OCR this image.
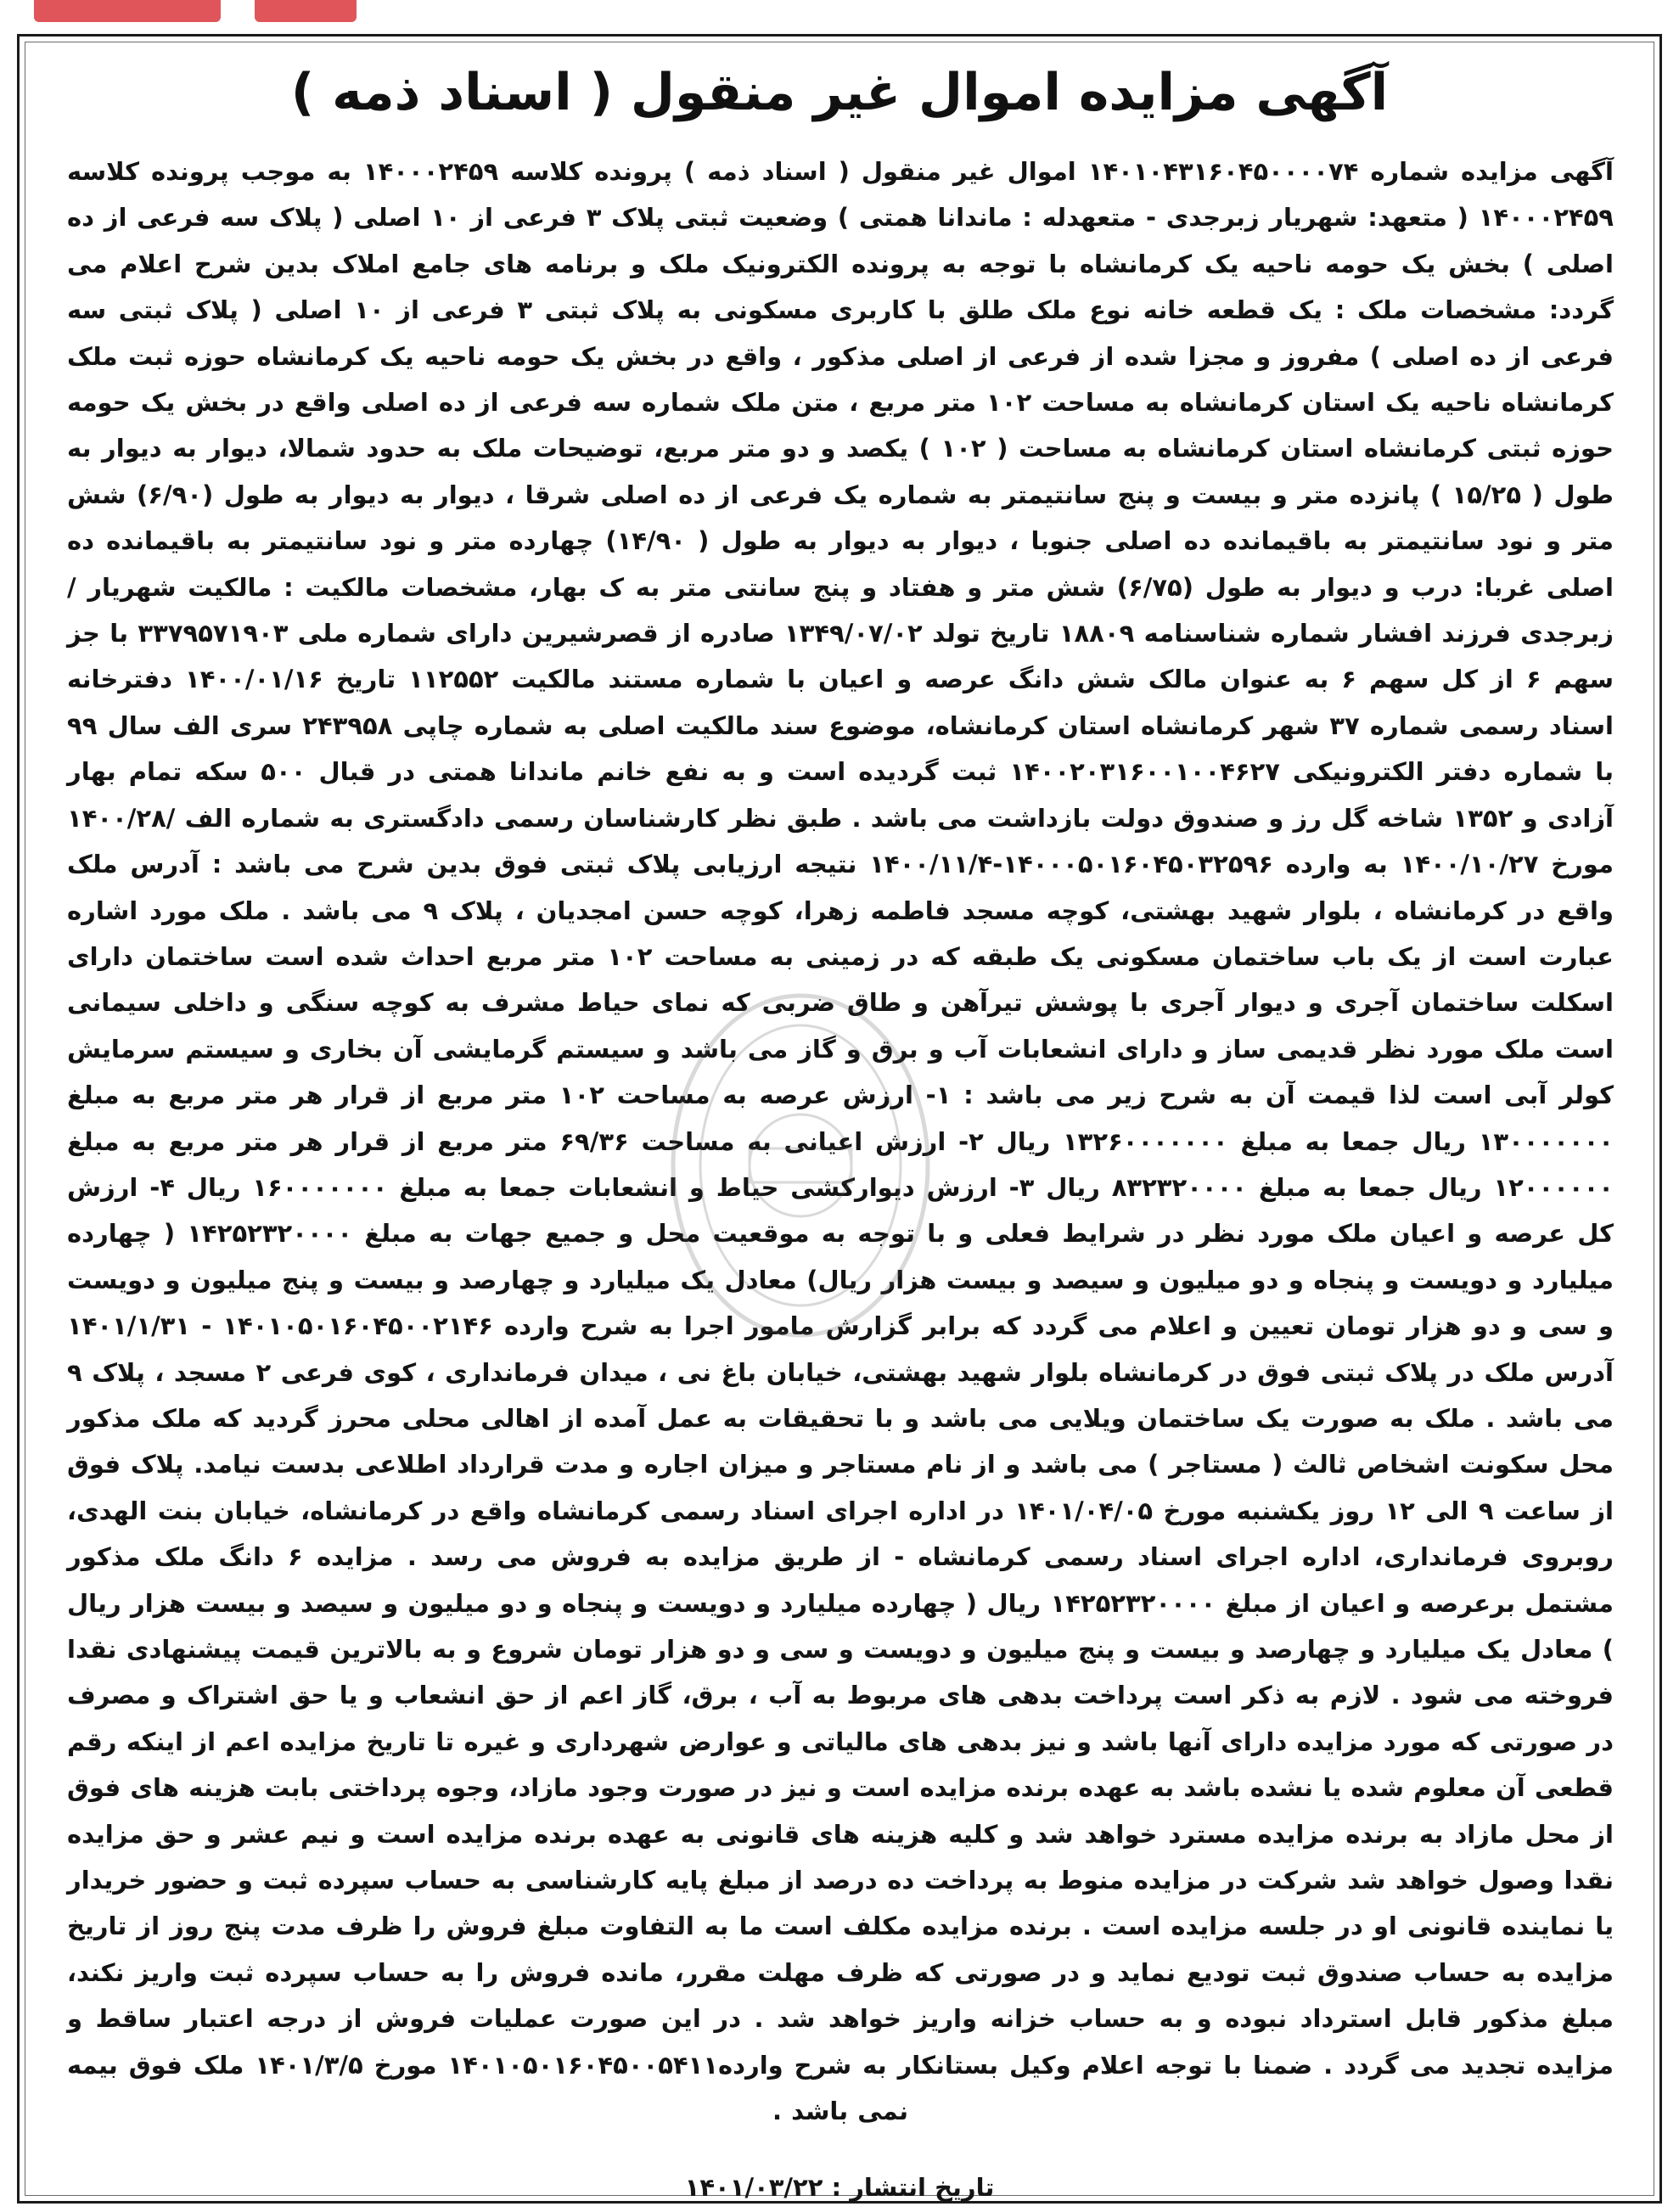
آگهی مزایده اموال غیر منقول ( اسناد ذمه )
آگهی مزایده شماره ۱۴۰۱۰۴۳۱۶۰۴۵۰۰۰۰۷۴ اموال غیر منقول ( اسناد ذمه ) پرونده کلاسه ۱۴۰۰۰۲۴۵۹ به موجب پرونده کلاسه ۱۴۰۰۰۲۴۵۹ ( متعهد: شهریار زبرجدی - متعهدله : ماندانا همتی ) وضعیت ثبتی پلاک ۳ فرعی از ۱۰ اصلی ( پلاک سه فرعی از ده اصلی ) بخش یک حومه ناحیه یک کرمانشاه با توجه به پرونده الکترونیک ملک و برنامه های جامع املاک بدین شرح اعلام می گردد: مشخصات ملک : یک قطعه خانه نوع ملک طلق با کاربری مسکونی به پلاک ثبتی ۳ فرعی از ۱۰ اصلی ( پلاک ثبتی سه فرعی از ده اصلی ) مفروز و مجزا شده از فرعی از اصلی مذکور ، واقع در بخش یک حومه ناحیه یک کرمانشاه حوزه ثبت ملک کرمانشاه ناحیه یک استان کرمانشاه به مساحت ۱۰۲ متر مربع ، متن ملک شماره سه فرعی از ده اصلی واقع در بخش یک حومه حوزه ثبتی کرمانشاه استان کرمانشاه به مساحت ( ۱۰۲ ) یکصد و دو متر مربع، توضیحات ملک به حدود شمالا، دیوار به دیوار به طول ( ۱۵/۲۵ ) پانزده متر و بیست و پنج سانتیمتر به شماره یک فرعی از ده اصلی شرقا ، دیوار به دیوار به طول (۶/۹۰) شش متر و نود سانتیمتر به باقیمانده ده اصلی جنوبا ، دیوار به دیوار به طول ( ۱۴/۹۰) چهارده متر و نود سانتیمتر به باقیمانده ده اصلی غربا: درب و دیوار به طول (۶/۷۵) شش متر و هفتاد و پنج سانتی متر به ک بهار، مشخصات مالکیت : مالکیت شهریار /زبرجدی فرزند افشار شماره شناسنامه ۱۸۸۰۹ تاریخ تولد ۱۳۴۹/۰۷/۰۲ صادره از قصرشیرین دارای شماره ملی ۳۳۷۹۵۷۱۹۰۳ با جز سهم ۶ از کل سهم ۶ به عنوان مالک شش دانگ عرصه و اعیان با شماره مستند مالکیت ۱۱۲۵۵۲ تاریخ ۱۴۰۰/۰۱/۱۶ دفترخانه اسناد رسمی شماره ۳۷ شهر کرمانشاه استان کرمانشاه، موضوع سند مالکیت اصلی به شماره چاپی ۲۴۳۹۵۸ سری الف سال ۹۹ با شماره دفتر الکترونیکی ۱۴۰۰۲۰۳۱۶۰۰۱۰۰۴۶۲۷ ثبت گردیده است و به نفع خانم ماندانا همتی در قبال ۵۰۰ سکه تمام بهار آزادی و ۱۳۵۲ شاخه گل رز و صندوق دولت بازداشت می باشد . طبق نظر کارشناسان رسمی دادگستری به شماره الف /۱۴۰۰/۲۸ مورخ ۱۴۰۰/۱۰/۲۷ به وارده ۱۴۰۰۰۵۰۱۶۰۴۵۰۳۲۵۹۶-۱۴۰۰/۱۱/۴ نتیجه ارزیابی پلاک ثبتی فوق بدین شرح می باشد : آدرس ملک واقع در کرمانشاه ، بلوار شهید بهشتی، کوچه مسجد فاطمه زهرا، کوچه حسن امجدیان ، پلاک ۹ می باشد . ملک مورد اشاره عبارت است از یک باب ساختمان مسکونی یک طبقه که در زمینی به مساحت ۱۰۲ متر مربع احداث شده است ساختمان دارای اسکلت ساختمان آجری و دیوار آجری با پوشش تیرآهن و طاق ضربی که نمای حیاط مشرف به کوچه سنگی و داخلی سیمانی است ملک مورد نظر قدیمی ساز و دارای انشعابات آب و برق و گاز می باشد و سیستم گرمایشی آن بخاری و سیستم سرمایش کولر آبی است لذا قیمت آن به شرح زیر می باشد : ۱- ارزش عرصه به مساحت ۱۰۲ متر مربع از قرار هر متر مربع به مبلغ ۱۳۰۰۰۰۰۰۰ ریال جمعا به مبلغ ۱۳۲۶۰۰۰۰۰۰۰ ریال ۲- ارزش اعیانی به مساحت ۶۹/۳۶ متر مربع از قرار هر متر مربع به مبلغ ۱۲۰۰۰۰۰۰ ریال جمعا به مبلغ ۸۳۲۳۲۰۰۰۰ ریال ۳- ارزش دیوارکشی حیاط و انشعابات جمعا به مبلغ ۱۶۰۰۰۰۰۰۰ ریال ۴- ارزش کل عرصه و اعیان ملک مورد نظر در شرایط فعلی و با توجه به موقعیت محل و جمیع جهات به مبلغ ۱۴۲۵۲۳۲۰۰۰۰ ( چهارده میلیارد و دویست و پنجاه و دو میلیون و سیصد و بیست هزار ریال) معادل یک میلیارد و چهارصد و بیست و پنج میلیون و دویست و سی و دو هزار تومان تعیین و اعلام می گردد که برابر گزارش مامور اجرا به شرح وارده ۱۴۰۱۰۵۰۱۶۰۴۵۰۰۲۱۴۶ - ۱۴۰۱/۱/۳۱ آدرس ملک در پلاک ثبتی فوق در کرمانشاه بلوار شهید بهشتی، خیابان باغ نی ، میدان فرمانداری ، کوی فرعی ۲ مسجد ، پلاک ۹ می باشد . ملک به صورت یک ساختمان ویلایی می باشد و با تحقیقات به عمل آمده از اهالی محلی محرز گردید که ملک مذکور محل سکونت اشخاص ثالث ( مستاجر ) می باشد و از نام مستاجر و میزان اجاره و مدت قرارداد اطلاعی بدست نیامد. پلاک فوق از ساعت ۹ الی ۱۲ روز یکشنبه مورخ ۱۴۰۱/۰۴/۰۵ در اداره اجرای اسناد رسمی کرمانشاه واقع در کرمانشاه، خیابان بنت الهدی، روبروی فرمانداری، اداره اجرای اسناد رسمی کرمانشاه - از طریق مزایده به فروش می رسد . مزایده ۶ دانگ ملک مذکور مشتمل برعرصه و اعیان از مبلغ ۱۴۲۵۲۳۲۰۰۰۰ ریال ( چهارده میلیارد و دویست و پنجاه و دو میلیون و سیصد و بیست هزار ریال ) معادل یک میلیارد و چهارصد و بیست و پنج میلیون و دویست و سی و دو هزار تومان شروع و به بالاترین قیمت پیشنهادی نقدا فروخته می شود . لازم به ذکر است پرداخت بدهی های مربوط به آب ، برق، گاز اعم از حق انشعاب و یا حق اشتراک و مصرف در صورتی که مورد مزایده دارای آنها باشد و نیز بدهی های مالیاتی و عوارض شهرداری و غیره تا تاریخ مزایده اعم از اینکه رقم قطعی آن معلوم شده یا نشده باشد به عهده برنده مزایده است و نیز در صورت وجود مازاد، وجوه پرداختی بابت هزینه های فوق از محل مازاد به برنده مزایده مسترد خواهد شد و کلیه هزینه های قانونی به عهده برنده مزایده است و نیم عشر و حق مزایده نقدا وصول خواهد شد شرکت در مزایده منوط به پرداخت ده درصد از مبلغ پایه کارشناسی به حساب سپرده ثبت و حضور خریدار یا نماینده قانونی او در جلسه مزایده است . برنده مزایده مکلف است ما به التفاوت مبلغ فروش را ظرف مدت پنج روز از تاریخ مزایده به حساب صندوق ثبت تودیع نماید و در صورتی که ظرف مهلت مقرر، مانده فروش را به حساب سپرده ثبت واریز نکند، مبلغ مذکور قابل استرداد نبوده و به حساب خزانه واریز خواهد شد . در این صورت عملیات فروش از درجه اعتبار ساقط و مزایده تجدید می گردد . ضمنا با توجه اعلام وکیل بستانکار به شرح وارده۱۴۰۱۰۵۰۱۶۰۴۵۰۰۵۴۱۱ مورخ ۱۴۰۱/۳/۵ ملک فوق بیمه نمی باشد .
تاریخ انتشار : ۱۴۰۱/۰۳/۲۲
